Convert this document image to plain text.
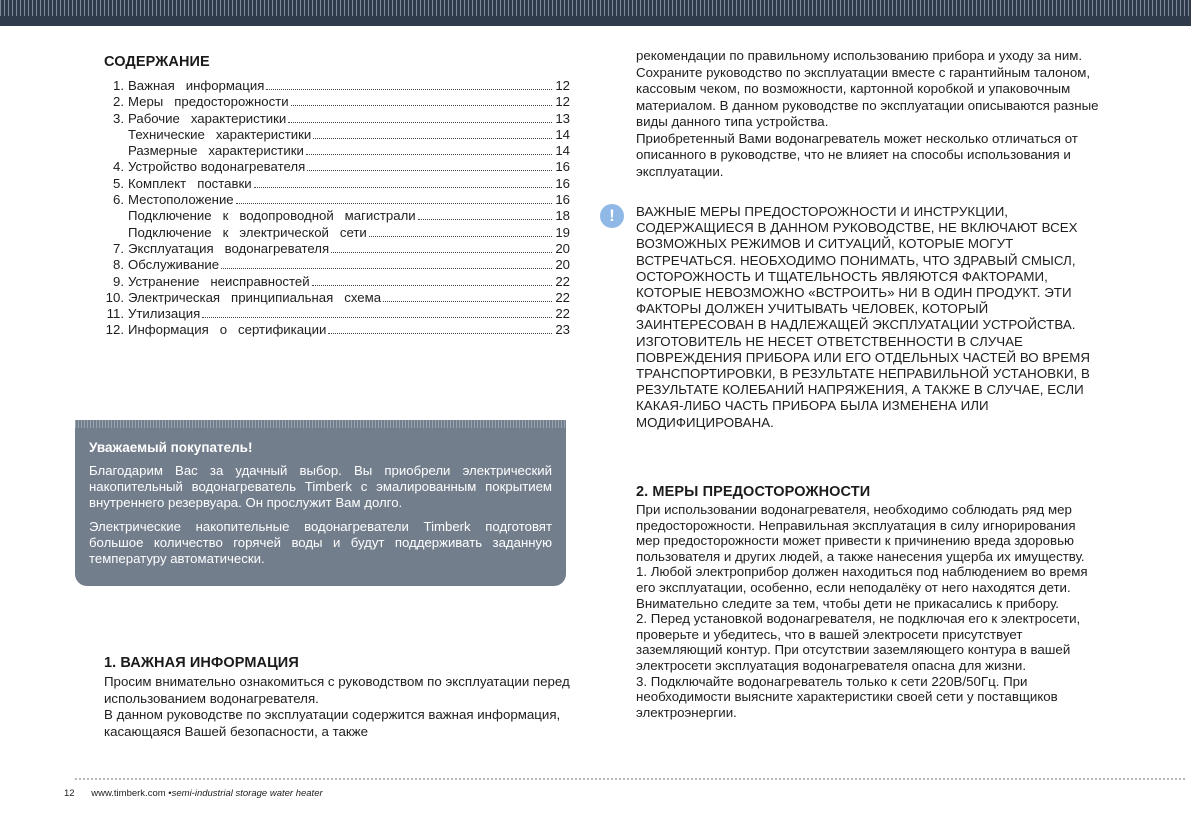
СОДЕРЖАНИЕ
1. Важная   информация	12
2. Меры   предосторожности	12
3. Рабочие   характеристики	13
Технические   характеристики	14
Размерные   характеристики	14
4. Устройство водонагревателя	16
5. Комплект   поставки	16
6. Местоположение	16
Подключение   к   водопроводной   магистрали	18
Подключение   к   электрической   сети	19
7. Эксплуатация   водонагревателя	20
8. Обслуживание	20
9. Устранение   неисправностей	22
10. Электрическая   принципиальная   схема	22
11. Утилизация	22
12. Информация   о   сертификации	23
Уважаемый покупатель!

Благодарим Вас за удачный выбор. Вы приобрели электрический накопительный водонагреватель Timberk с эмалированным покрытием внутреннего резервуара. Он прослужит Вам долго.

Электрические накопительные водонагреватели Timberk подготовят большое количество горячей воды и будут поддерживать заданную температуру автоматически.

1. ВАЖНАЯ ИНФОРМАЦИЯ

Просим внимательно ознакомиться с руководством по эксплуатации перед использованием водонагревателя.

В данном руководстве по эксплуатации содержится важная информация, касающаяся Вашей безопасности, а также

рекомендации по правильному использованию прибора и уходу за ним. Сохраните руководство по эксплуатации вместе с гарантийным талоном, кассовым чеком, по возможности, картонной коробкой и упаковочным материалом. В данном руководстве по эксплуатации описываются разные виды данного типа устройства.

Приобретенный Вами водонагреватель может несколько отличаться от описанного в руководстве, что не влияет на способы использования и эксплуатации.

!	ВАЖНЫЕ МЕРЫ ПРЕДОСТОРОЖНОСТИ И ИНСТРУКЦИИ, СОДЕРЖАЩИЕСЯ В ДАННОМ РУКОВОДСТВЕ, НЕ ВКЛЮЧАЮТ ВСЕХ ВОЗМОЖНЫХ РЕЖИМОВ И СИТУАЦИЙ, КОТОРЫЕ МОГУТ ВСТРЕЧАТЬСЯ. НЕОБХОДИМО ПОНИМАТЬ, ЧТО ЗДРАВЫЙ СМЫСЛ, ОСТОРОЖНОСТЬ И ТЩАТЕЛЬНОСТЬ ЯВЛЯЮТСЯ ФАКТОРАМИ, КОТОРЫЕ НЕВОЗМОЖНО «ВСТРОИТЬ» НИ В ОДИН ПРОДУКТ. ЭТИ ФАКТОРЫ ДОЛЖЕН УЧИТЫВАТЬ ЧЕЛОВЕК, КОТОРЫЙ ЗАИНТЕРЕСОВАН В НАДЛЕЖАЩЕЙ ЭКСПЛУАТАЦИИ УСТРОЙСТВА. ИЗГОТОВИТЕЛЬ НЕ НЕСЕТ ОТВЕТСТВЕННОСТИ В СЛУЧАЕ ПОВРЕЖДЕНИЯ ПРИБОРА ИЛИ ЕГО ОТДЕЛЬНЫХ ЧАСТЕЙ ВО ВРЕМЯ ТРАНСПОРТИРОВКИ, В РЕЗУЛЬТАТЕ НЕПРАВИЛЬНОЙ УСТАНОВКИ, В РЕЗУЛЬТАТЕ КОЛЕБАНИЙ НАПРЯЖЕНИЯ, А ТАКЖЕ В СЛУЧАЕ, ЕСЛИ КАКАЯ-ЛИБО ЧАСТЬ ПРИБОРА БЫЛА ИЗМЕНЕНА ИЛИ МОДИФИЦИРОВАНА.

2. МЕРЫ ПРЕДОСТОРОЖНОСТИ

При использовании водонагревателя, необходимо соблюдать ряд мер предосторожности. Неправильная эксплуатация в силу игнорирования мер предосторожности может привести к причинению вреда здоровью пользователя и других людей, а также нанесения ущерба их имуществу.

1. Любой электроприбор должен находиться под наблюдением во время его эксплуатации, особенно, если неподалёку от него находятся дети. Внимательно следите за тем, чтобы дети не прикасались к прибору.

2. Перед установкой водонагревателя, не подключая его к электросети, проверьте и убедитесь, что в вашей электросети присутствует заземляющий контур. При отсутствии заземляющего контура в вашей электросети эксплуатация водонагревателя опасна для жизни.

3. Подключайте водонагреватель только к сети 220В/50Гц. При необходимости выясните характеристики своей сети у поставщиков электроэнергии.

12 www.timberk.com •semi-industrial storage water heater
